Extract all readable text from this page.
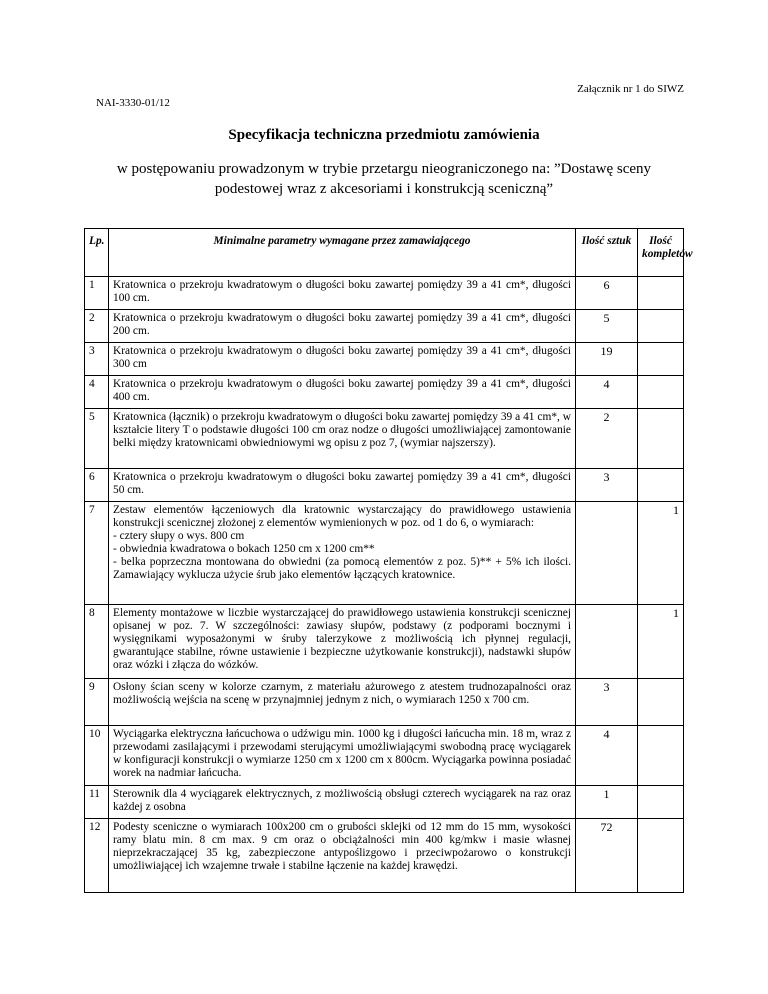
Załącznik nr 1 do SIWZ
NAI-3330-01/12
Specyfikacja techniczna przedmiotu zamówienia
w postępowaniu prowadzonym w trybie przetargu nieograniczonego na: ”Dostawę sceny podestowej wraz z akcesoriami i konstrukcją sceniczną”
Lp.	Minimalne parametry wymagane przez zamawiającego	Ilość sztuk	Ilość kompletów
1	Kratownica o przekroju kwadratowym o długości boku zawartej pomiędzy 39 a 41 cm*, długości 100 cm.	6	
2	Kratownica o przekroju kwadratowym o długości boku zawartej pomiędzy 39 a 41 cm*, długości 200 cm.	5	
3	Kratownica o przekroju kwadratowym o długości boku zawartej pomiędzy 39 a 41 cm*, długości 300 cm	19	
4	Kratownica o przekroju kwadratowym o długości boku zawartej pomiędzy 39 a 41 cm*, długości 400 cm.	4	
5	Kratownica (łącznik) o przekroju kwadratowym o długości boku zawartej pomiędzy 39 a 41 cm*, w kształcie litery T o podstawie długości 100 cm oraz nodze o długości umożliwiającej zamontowanie belki między kratownicami obwiedniowymi wg opisu z poz 7, (wymiar najszerszy).	2	
6	Kratownica o przekroju kwadratowym o długości boku zawartej pomiędzy 39 a 41 cm*, długości 50 cm.	3	
7	Zestaw elementów łączeniowych dla kratownic wystarczający do prawidłowego ustawienia konstrukcji scenicznej złożonej z elementów wymienionych w poz. od 1 do 6, o wymiarach:
- cztery słupy o wys. 800 cm
- obwiednia kwadratowa o bokach 1250 cm x 1200 cm**
- belka poprzeczna montowana do obwiedni (za pomocą elementów z poz. 5)** + 5% ich ilości. Zamawiający wyklucza użycie śrub jako elementów łączących kratownice.		1
8	Elementy montażowe w liczbie wystarczającej do prawidłowego ustawienia konstrukcji scenicznej opisanej w poz. 7. W szczególności: zawiasy słupów, podstawy (z podporami bocznymi i wysięgnikami wyposażonymi w śruby talerzykowe z możliwością ich płynnej regulacji, gwarantujące stabilne, równe ustawienie i bezpieczne użytkowanie konstrukcji), nadstawki słupów oraz wózki i złącza do wózków.		1
9	Osłony ścian sceny w kolorze czarnym, z materiału ażurowego z atestem trudnozapalności oraz możliwością wejścia na scenę w przynajmniej jednym z nich, o wymiarach 1250 x 700 cm.	3	
10	Wyciągarka elektryczna łańcuchowa o udźwigu min. 1000 kg i długości łańcucha min. 18 m, wraz z przewodami zasilającymi i przewodami sterującymi umożliwiającymi swobodną pracę wyciągarek w konfiguracji konstrukcji o wymiarze 1250 cm x 1200 cm x 800cm. Wyciągarka powinna posiadać worek na nadmiar łańcucha.	4	
11	Sterownik dla 4 wyciągarek elektrycznych, z możliwością obsługi czterech wyciągarek na raz oraz każdej z osobna	1	
12	Podesty sceniczne o wymiarach 100x200 cm o grubości sklejki od 12 mm do 15 mm, wysokości ramy blatu min. 8 cm max. 9 cm oraz o obciążalności min 400 kg/mkw i masie własnej nieprzekraczającej 35 kg, zabezpieczone antypoślizgowo i przeciwpożarowo o konstrukcji umożliwiającej ich wzajemne trwałe i stabilne łączenie na każdej krawędzi.	72	
